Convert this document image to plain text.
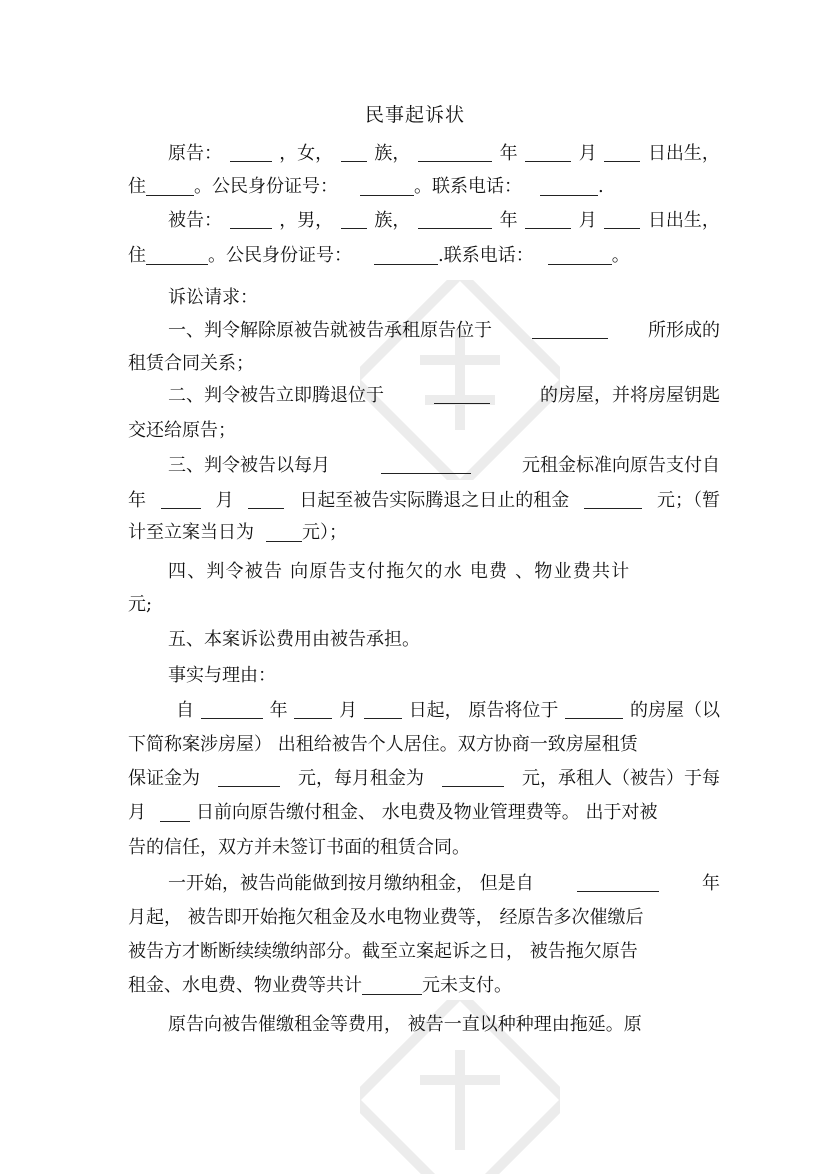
民事起诉状
原告：	，女， 族，	年	月	日出生，
住	。公民身份证号：	。联系电话：	.
被告：	，男， 族，	年	月	日出生，
住	。公民身份证号：	.联系电话：	。
诉讼请求：
一、判令解除原被告就被告承租原告位于	所形成的
租赁合同关系；
二、判令被告立即腾退位于	的房屋，并将房屋钥匙
交还给原告；
三、判令被告以每月	元租金标准向原告支付自
年	月	日起至被告实际腾退之日止的租金	元；（暂
计至立案当日为	元）；
四、判令被告 向原告支付拖欠的水 电费 、物业费共计
元;
五、本案诉讼费用由被告承担。
事实与理由：
自	年	月	日起， 原告将位于	的房屋（以
下简称案涉房屋） 出租给被告个人居住。双方协商一致房屋租赁
保证金为	元，每月租金为	元，承租人（被告）于每
月	日前向原告缴付租金、 水电费及物业管理费等。 出于对被
告的信任，双方并未签订书面的租赁合同。
一开始，被告尚能做到按月缴纳租金， 但是自	年
月起， 被告即开始拖欠租金及水电物业费等， 经原告多次催缴后
被告方才断断续续缴纳部分。截至立案起诉之日， 被告拖欠原告
租金、水电费、物业费等共计	元未支付。
原告向被告催缴租金等费用， 被告一直以种种理由拖延。原
